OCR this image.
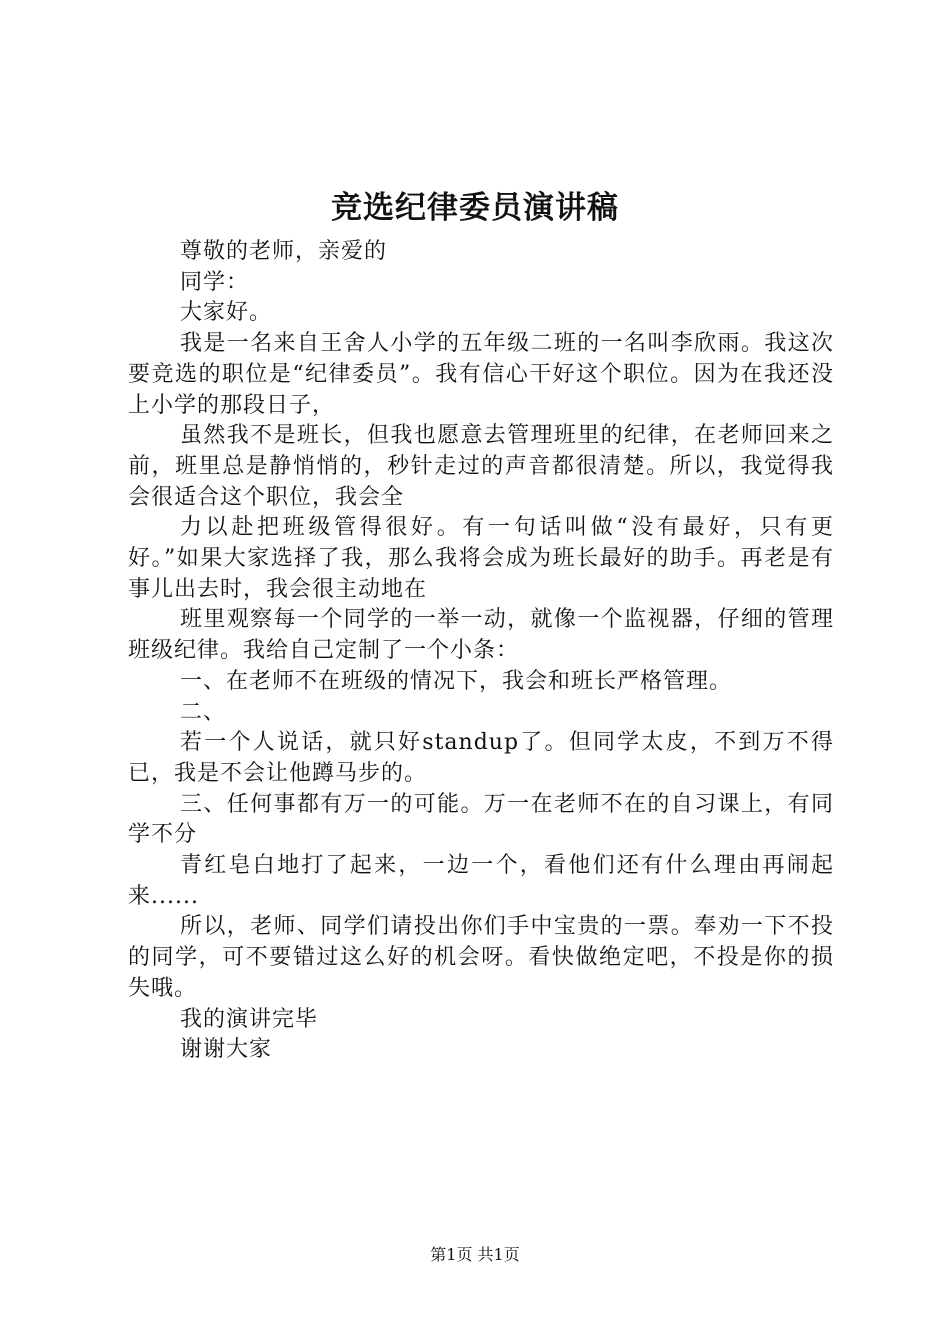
竞选纪律委员演讲稿

尊敬的老师，亲爱的

同学：

大家好。

我是一名来自王舍人小学的五年级二班的一名叫李欣雨。我这次要竞选的职位是“纪律委员”。我有信心干好这个职位。因为在我还没上小学的那段日子，

虽然我不是班长，但我也愿意去管理班里的纪律，在老师回来之前，班里总是静悄悄的，秒针走过的声音都很清楚。所以，我觉得我会很适合这个职位，我会全

力以赴把班级管得很好。有一句话叫做“没有最好，只有更好。”如果大家选择了我，那么我将会成为班长最好的助手。再老是有事儿出去时，我会很主动地在

班里观察每一个同学的一举一动，就像一个监视器，仔细的管理班级纪律。我给自己定制了一个小条：

一、在老师不在班级的情况下，我会和班长严格管理。

二、

若一个人说话，就只好standup了。但同学太皮，不到万不得已，我是不会让他蹲马步的。

三、任何事都有万一的可能。万一在老师不在的自习课上，有同学不分

青红皂白地打了起来，一边一个，看他们还有什么理由再闹起来......

所以，老师、同学们请投出你们手中宝贵的一票。奉劝一下不投的同学，可不要错过这么好的机会呀。看快做绝定吧，不投是你的损失哦。

我的演讲完毕

谢谢大家

第1页 共1页
